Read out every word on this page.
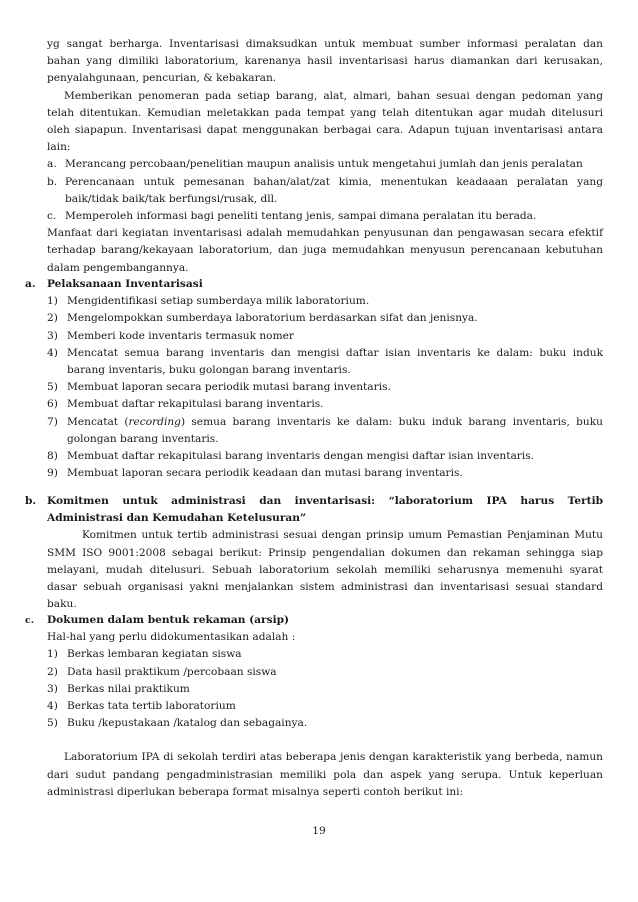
yg sangat berharga. Inventarisasi dimaksudkan untuk membuat sumber informasi peralatan dan bahan yang dimiliki laboratorium, karenanya hasil inventarisasi harus diamankan dari kerusakan, penyalahgunaan, pencurian, & kebakaran.

Memberikan penomeran pada setiap barang, alat, almari, bahan sesuai dengan pedoman yang telah ditentukan. Kemudian meletakkan pada tempat yang telah ditentukan agar mudah ditelusuri oleh siapapun. Inventarisasi dapat menggunakan berbagai cara. Adapun tujuan inventarisasi antara lain:

a. Merancang percobaan/penelitian maupun analisis untuk mengetahui jumlah dan jenis peralatan
b. Perencanaan untuk pemesanan bahan/alat/zat kimia, menentukan keadaaan peralatan yang baik/tidak baik/tak berfungsi/rusak, dll.
c. Memperoleh informasi bagi peneliti tentang jenis, sampai dimana peralatan itu berada.

Manfaat dari kegiatan inventarisasi adalah memudahkan penyusunan dan pengawasan secara efektif terhadap barang/kekayaan laboratorium, dan juga memudahkan menyusun perencanaan kebutuhan dalam pengembangannya.

a. Pelaksanaan Inventarisasi
1) Mengidentifikasi setiap sumberdaya milik laboratorium.
2) Mengelompokkan sumberdaya laboratorium berdasarkan sifat dan jenisnya.
3) Memberi kode inventaris termasuk nomer
4) Mencatat semua barang inventaris dan mengisi daftar isian inventaris ke dalam: buku induk barang inventaris, buku golongan barang inventaris.
5) Membuat laporan secara periodik mutasi barang inventaris.
6) Membuat daftar rekapitulasi barang inventaris.
7) Mencatat (recording) semua barang inventaris ke dalam: buku induk barang inventaris, buku golongan barang inventaris.
8) Membuat daftar rekapitulasi barang inventaris dengan mengisi daftar isian inventaris.
9) Membuat laporan secara periodik keadaan dan mutasi barang inventaris.
b. Komitmen untuk administrasi dan inventarisasi: “laboratorium IPA harus Tertib Administrasi dan Kemudahan Ketelusuran”

Komitmen untuk tertib administrasi sesuai dengan prinsip umum Pemastian Penjaminan Mutu SMM ISO 9001:2008 sebagai berikut: Prinsip pengendalian dokumen dan rekaman sehingga siap melayani, mudah ditelusuri. Sebuah laboratorium sekolah memiliki seharusnya memenuhi syarat dasar sebuah organisasi yakni menjalankan sistem administrasi dan inventarisasi sesuai standard baku.

c. Dokumen dalam bentuk rekaman (arsip)

Hal-hal yang perlu didokumentasikan adalah :

1) Berkas lembaran kegiatan siswa
2) Data hasil praktikum /percobaan siswa
3) Berkas nilai praktikum
4) Berkas tata tertib laboratorium
5) Buku /kepustakaan /katalog dan sebagainya.

Laboratorium IPA di sekolah terdiri atas beberapa jenis dengan karakteristik yang berbeda, namun dari sudut pandang pengadministrasian memiliki pola dan aspek yang serupa. Untuk keperluan administrasi diperlukan beberapa format misalnya seperti contoh berikut ini:

19
